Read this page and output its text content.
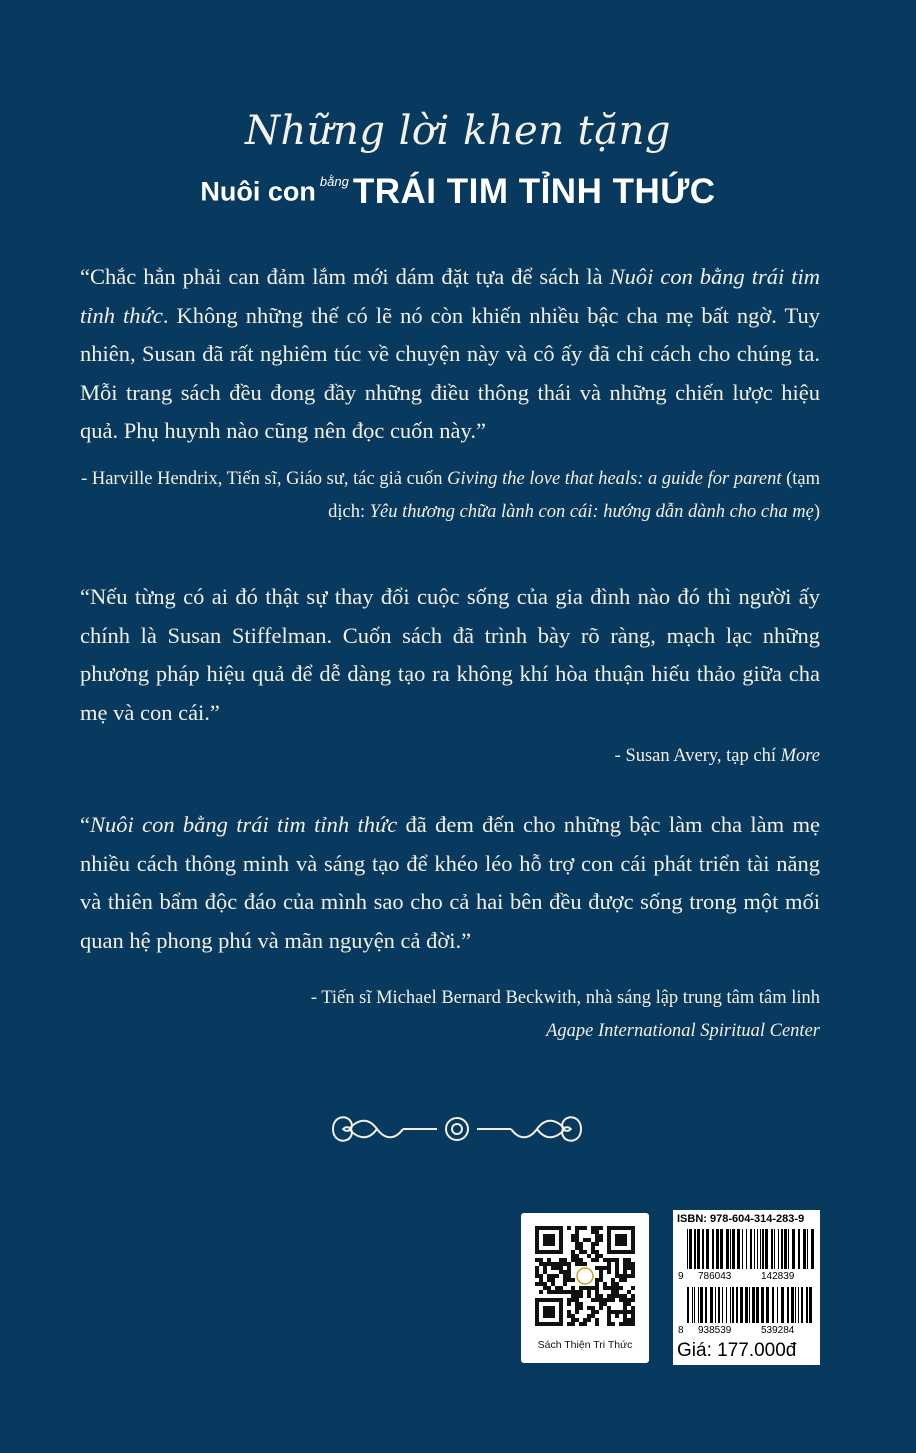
Những lời khen tặng
Nuôi con $^{bằng}$ TRÁI TIM TỈNH THỨC
“Chắc hẳn phải can đảm lắm mới dám đặt tựa để sách là Nuôi con bằng trái tim tỉnh thức. Không những thế có lẽ nó còn khiến nhiều bậc cha mẹ bất ngờ. Tuy nhiên, Susan đã rất nghiêm túc về chuyện này và cô ấy đã chỉ cách cho chúng ta. Mỗi trang sách đều đong đầy những điều thông thái và những chiến lược hiệu quả. Phụ huynh nào cũng nên đọc cuốn này.”
- Harville Hendrix, Tiến sĩ, Giáo sư, tác giả cuốn Giving the love that heals: a guide for parent (tạm dịch: Yêu thương chữa lành con cái: hướng dẫn dành cho cha mẹ)
“Nếu từng có ai đó thật sự thay đổi cuộc sống của gia đình nào đó thì người ấy chính là Susan Stiffelman. Cuốn sách đã trình bày rõ ràng, mạch lạc những phương pháp hiệu quả để dễ dàng tạo ra không khí hòa thuận hiếu thảo giữa cha mẹ và con cái.”
- Susan Avery, tạp chí More
“Nuôi con bằng trái tim tỉnh thức đã đem đến cho những bậc làm cha làm mẹ nhiều cách thông minh và sáng tạo để khéo léo hỗ trợ con cái phát triển tài năng và thiên bẩm độc đáo của mình sao cho cả hai bên đều được sống trong một mối quan hệ phong phú và mãn nguyện cả đời.”
- Tiến sĩ Michael Bernard Beckwith, nhà sáng lập trung tâm tâm linh
Agape International Spiritual Center
Sách Thiện Tri Thức
ISBN: 978-604-314-283-9
9 786043	142839
8 938539	539284
Giá: 177.000đ
